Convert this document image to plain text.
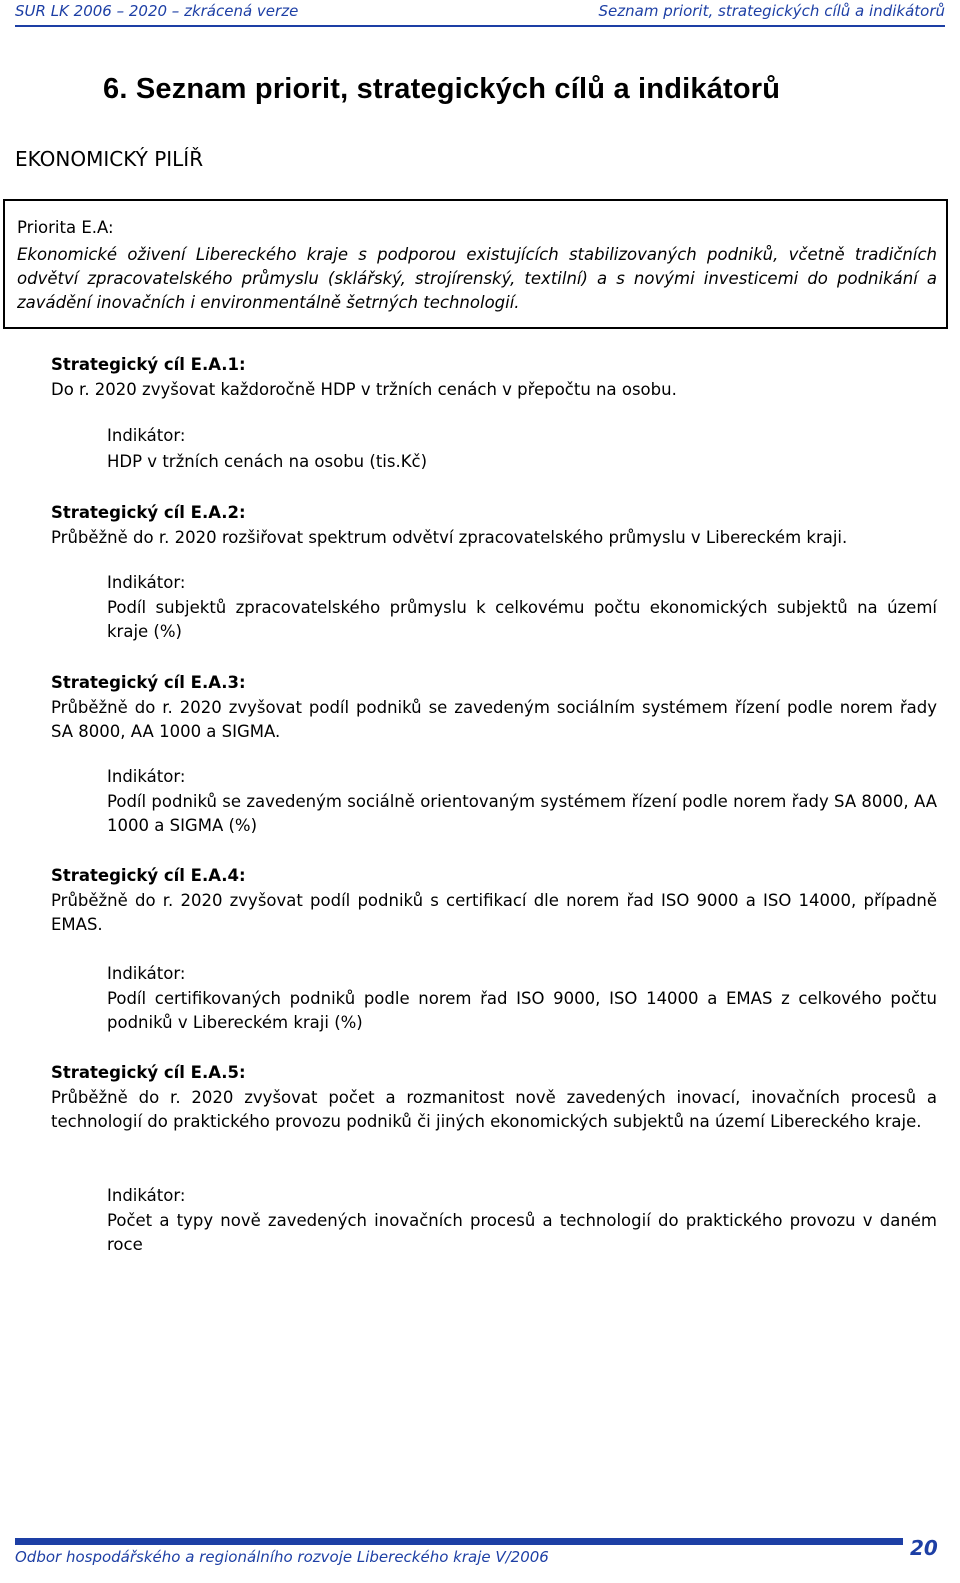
SUR LK 2006 – 2020 – zkrácená verze	Seznam priorit, strategických cílů a indikátorů
6. Seznam priorit, strategických cílů a indikátorů
EKONOMICKÝ PILÍŘ
Priorita E.A:
Ekonomické oživení Libereckého kraje s podporou existujících stabilizovaných podniků, včetně tradičních odvětví zpracovatelského průmyslu (sklářský, strojírenský, textilní) a s novými investicemi do podnikání a zavádění inovačních i environmentálně šetrných technologií.
Strategický cíl E.A.1:
Do r. 2020 zvyšovat každoročně HDP v tržních cenách v přepočtu na osobu.
Indikátor:
HDP v tržních cenách na osobu (tis.Kč)
Strategický cíl E.A.2:
Průběžně do r. 2020 rozšiřovat spektrum odvětví zpracovatelského průmyslu v Libereckém kraji.
Indikátor:
Podíl subjektů zpracovatelského průmyslu k celkovému počtu ekonomických subjektů na území kraje (%)
Strategický cíl E.A.3:
Průběžně do r. 2020 zvyšovat podíl podniků se zavedeným sociálním systémem řízení podle norem řady SA 8000, AA 1000 a SIGMA.
Indikátor:
Podíl podniků se zavedeným sociálně orientovaným systémem řízení podle norem řady SA 8000, AA 1000 a SIGMA (%)
Strategický cíl E.A.4:
Průběžně do r. 2020 zvyšovat podíl podniků s certifikací dle norem řad ISO 9000 a ISO 14000, případně EMAS.
Indikátor:
Podíl certifikovaných podniků podle norem řad ISO 9000, ISO 14000 a EMAS z celkového počtu podniků v Libereckém kraji (%)
Strategický cíl E.A.5:
Průběžně do r. 2020 zvyšovat počet a rozmanitost nově zavedených inovací, inovačních procesů a technologií do praktického provozu podniků či jiných ekonomických subjektů na území Libereckého kraje.
Indikátor:
Počet a typy nově zavedených inovačních procesů a technologií do praktického provozu v daném roce
Odbor hospodářského a regionálního rozvoje Libereckého kraje V/2006	20
